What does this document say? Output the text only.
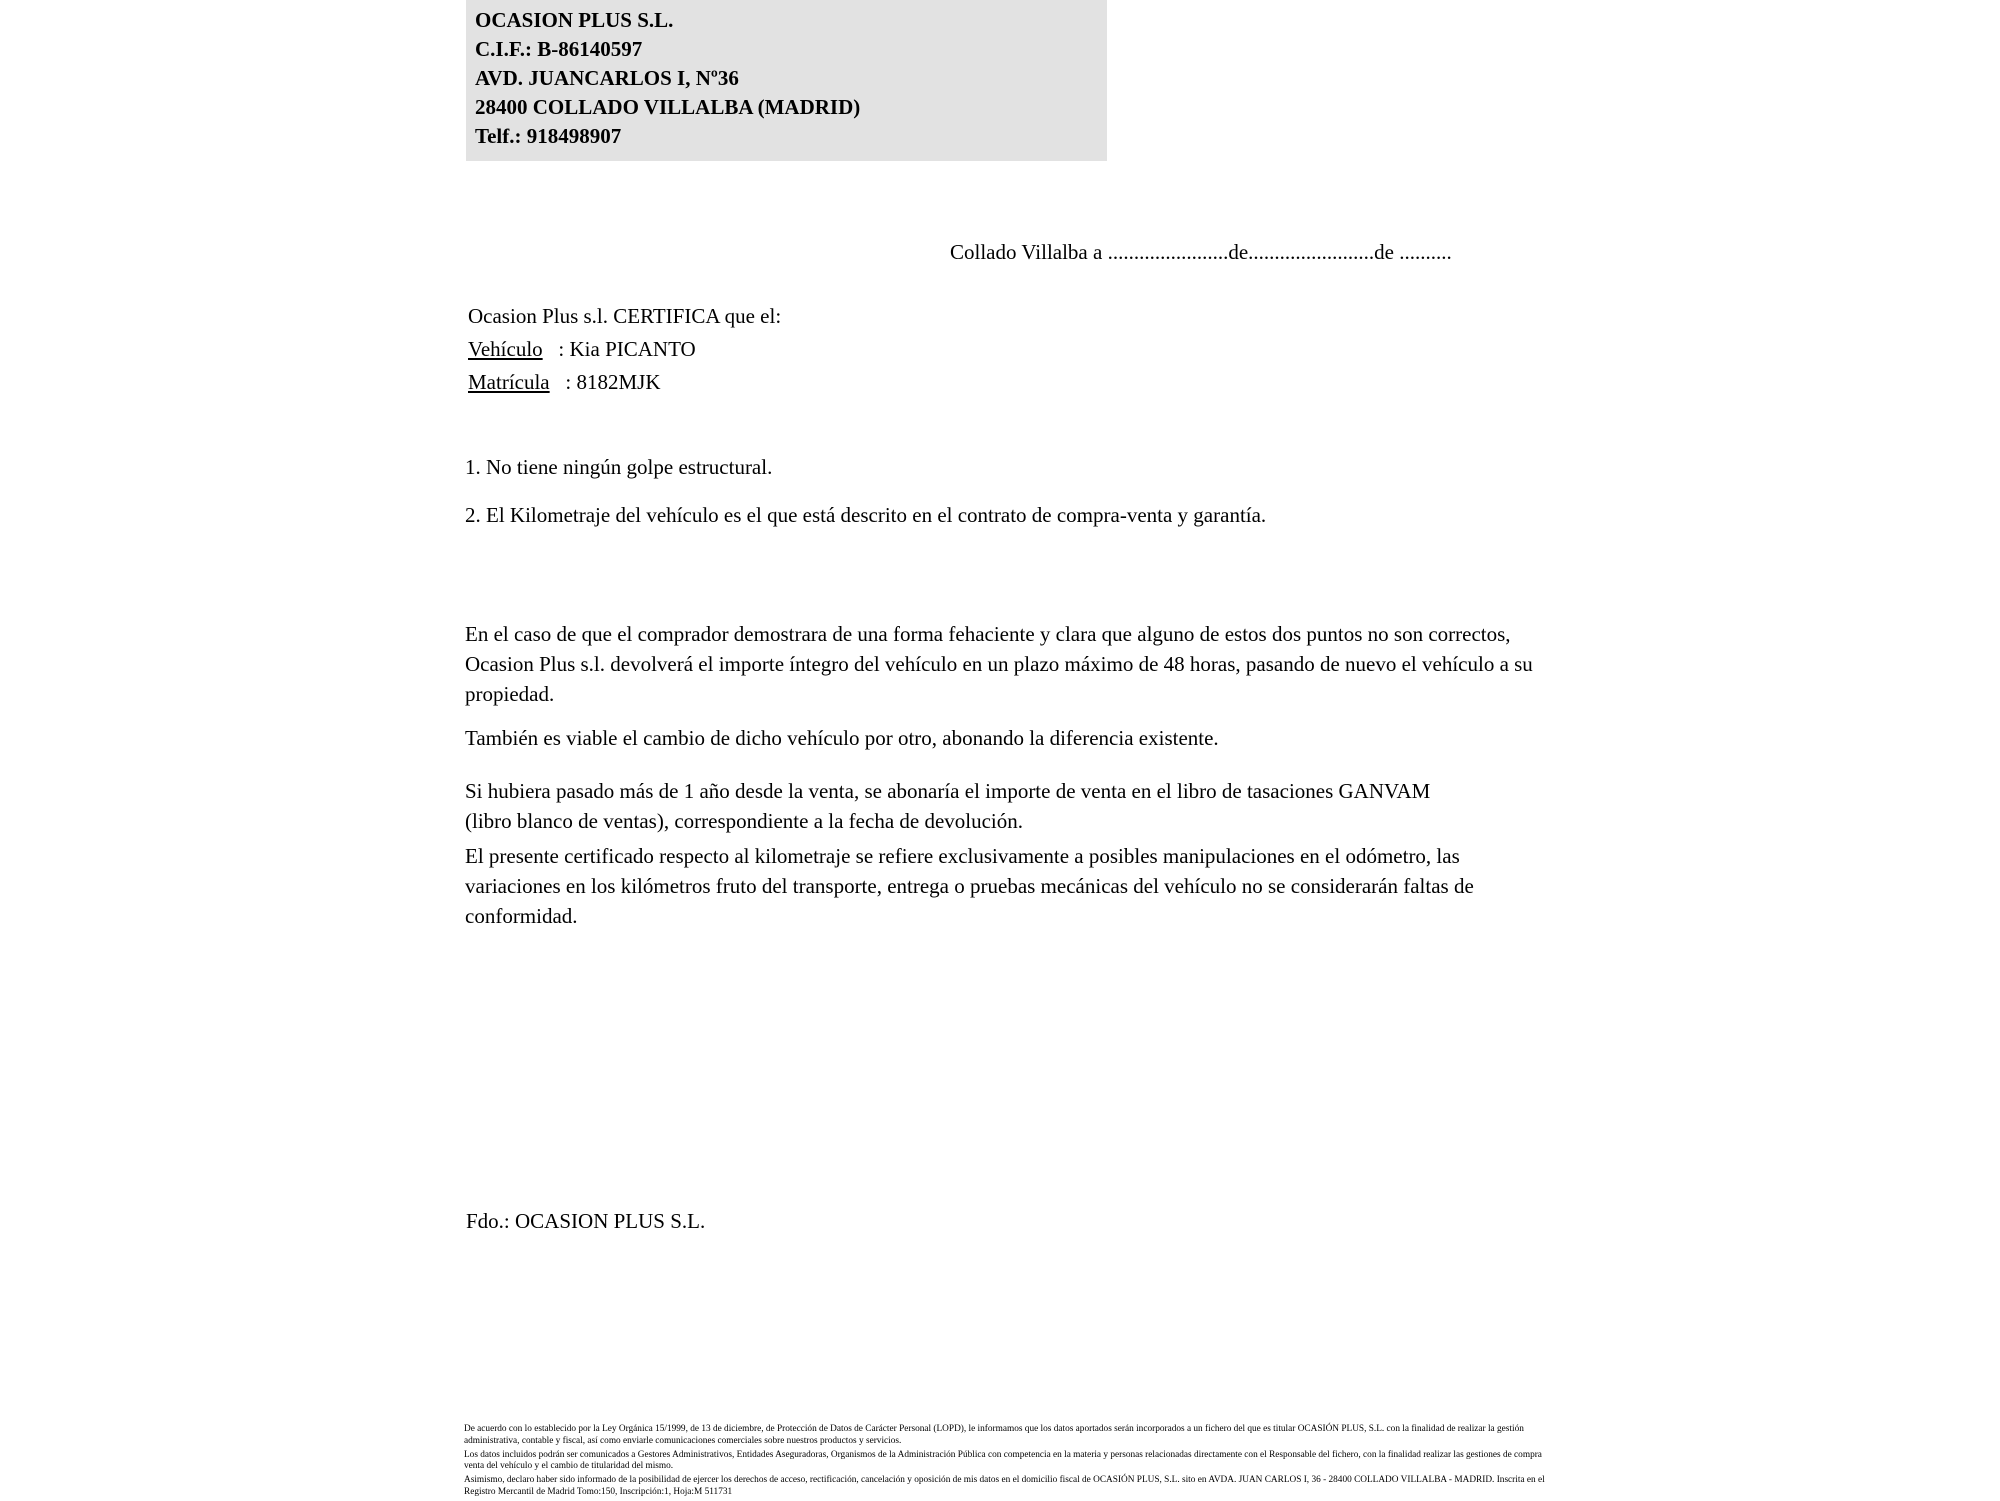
OCASION PLUS S.L.
C.I.F.: B-86140597
AVD. JUANCARLOS I, Nº36
28400 COLLADO VILLALBA (MADRID)
Telf.: 918498907
Collado Villalba a .......................de........................de ..........
Ocasion Plus s.l. CERTIFICA que el:
Vehículo   : Kia PICANTO
Matrícula   : 8182MJK
1. No tiene ningún golpe estructural.
2. El Kilometraje del vehículo es el que está descrito en el contrato de compra-venta y garantía.
En el caso de que el comprador demostrara de una forma fehaciente y clara que alguno de estos dos puntos no son correctos, Ocasion Plus s.l. devolverá el importe íntegro del vehículo en un plazo máximo de 48 horas, pasando de nuevo el vehículo a su propiedad.
También es viable el cambio de dicho vehículo por otro, abonando la diferencia existente.
Si hubiera pasado más de 1 año desde la venta, se abonaría el importe de venta en el libro de tasaciones GANVAM (libro blanco de ventas), correspondiente a la fecha de devolución.
El presente certificado respecto al kilometraje se refiere exclusivamente a posibles manipulaciones en el odómetro, las variaciones en los kilómetros fruto del transporte, entrega o pruebas mecánicas del vehículo no se considerarán faltas de conformidad.
Fdo.: OCASION PLUS S.L.

De acuerdo con lo establecido por la Ley Orgánica 15/1999, de 13 de diciembre, de Protección de Datos de Carácter Personal (LOPD), le informamos que los datos aportados serán incorporados a un fichero del que es titular OCASIÓN PLUS, S.L. con la finalidad de realizar la gestión administrativa, contable y fiscal, así como enviarle comunicaciones comerciales sobre nuestros productos y servicios.

Los datos incluidos podrán ser comunicados a Gestores Administrativos, Entidades Aseguradoras, Organismos de la Administración Pública con competencia en la materia y personas relacionadas directamente con el Responsable del fichero, con la finalidad realizar las gestiones de compra venta del vehículo y el cambio de titularidad del mismo.

Asimismo, declaro haber sido informado de la posibilidad de ejercer los derechos de acceso, rectificación, cancelación y oposición de mis datos en el domicilio fiscal de OCASIÓN PLUS, S.L. sito en AVDA. JUAN CARLOS I, 36 - 28400 COLLADO VILLALBA - MADRID. Inscrita en el Registro Mercantil de Madrid Tomo:150, Inscripción:1, Hoja:M 511731
